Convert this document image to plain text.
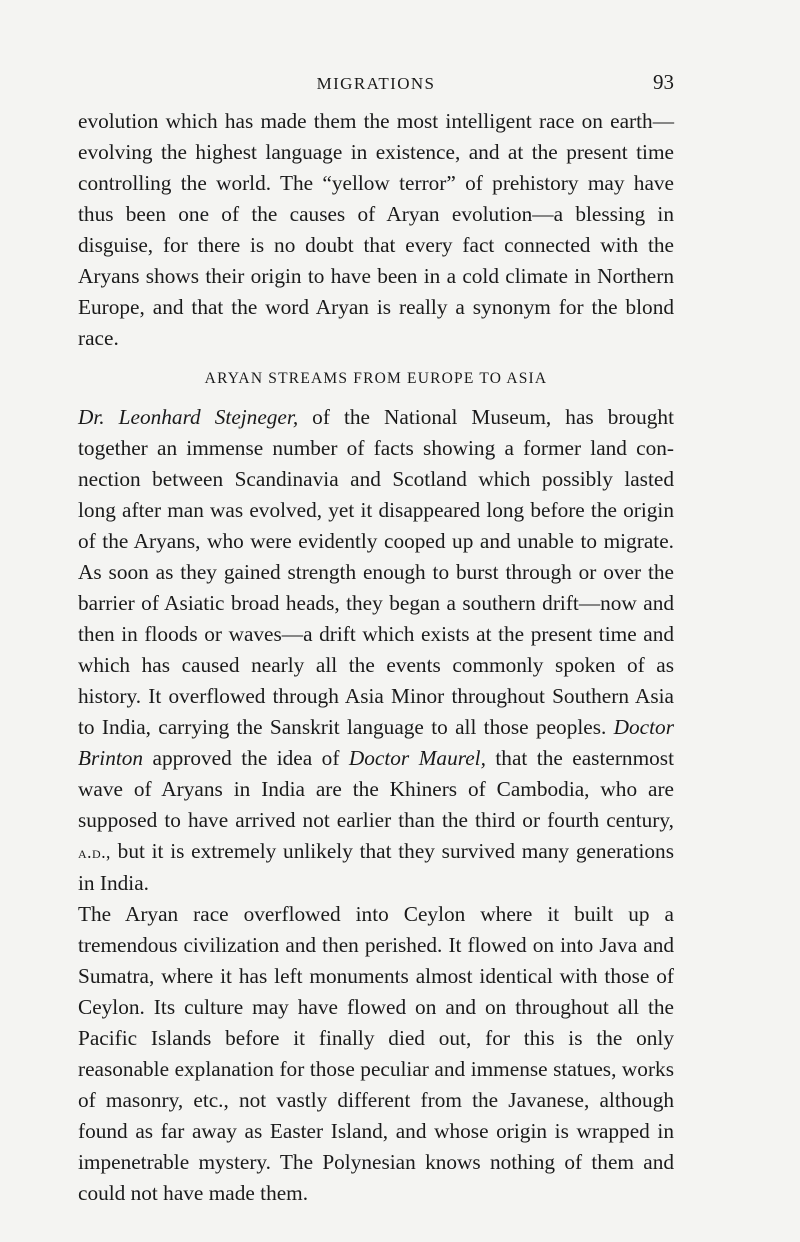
MIGRATIONS	93

evolution which has made them the most intelligent race on earth—evolving the highest language in existence, and at the present time controlling the world. The “yellow terror” of prehistory may have thus been one of the causes of Aryan evolution—a blessing in disguise, for there is no doubt that every fact connected with the Aryans shows their origin to have been in a cold climate in Northern Europe, and that the word Aryan is really a synonym for the blond race.

ARYAN STREAMS FROM EUROPE TO ASIA

Dr. Leonhard Stejneger, of the National Museum, has brought together an immense number of facts showing a former land connection between Scandinavia and Scotland which possibly lasted long after man was evolved, yet it disappeared long before the origin of the Aryans, who were evidently cooped up and unable to migrate. As soon as they gained strength enough to burst through or over the barrier of Asiatic broad heads, they began a southern drift—now and then in floods or waves—a drift which exists at the present time and which has caused nearly all the events commonly spoken of as history. It overflowed through Asia Minor throughout Southern Asia to India, carrying the Sanskrit language to all those peoples. Doctor Brinton approved the idea of Doctor Maurel, that the easternmost wave of Aryans in India are the Khiners of Cambodia, who are supposed to have arrived not earlier than the third or fourth century, a.d., but it is extremely unlikely that they survived many generations in India.

The Aryan race overflowed into Ceylon where it built up a tremendous civilization and then perished. It flowed on into Java and Sumatra, where it has left monuments almost identical with those of Ceylon. Its culture may have flowed on and on throughout all the Pacific Islands before it finally died out, for this is the only reasonable explanation for those peculiar and immense statues, works of masonry, etc., not vastly different from the Javanese, although found as far away as Easter Island, and whose origin is wrapped in impenetrable mystery. The Polynesian knows nothing of them and could not have made them.
